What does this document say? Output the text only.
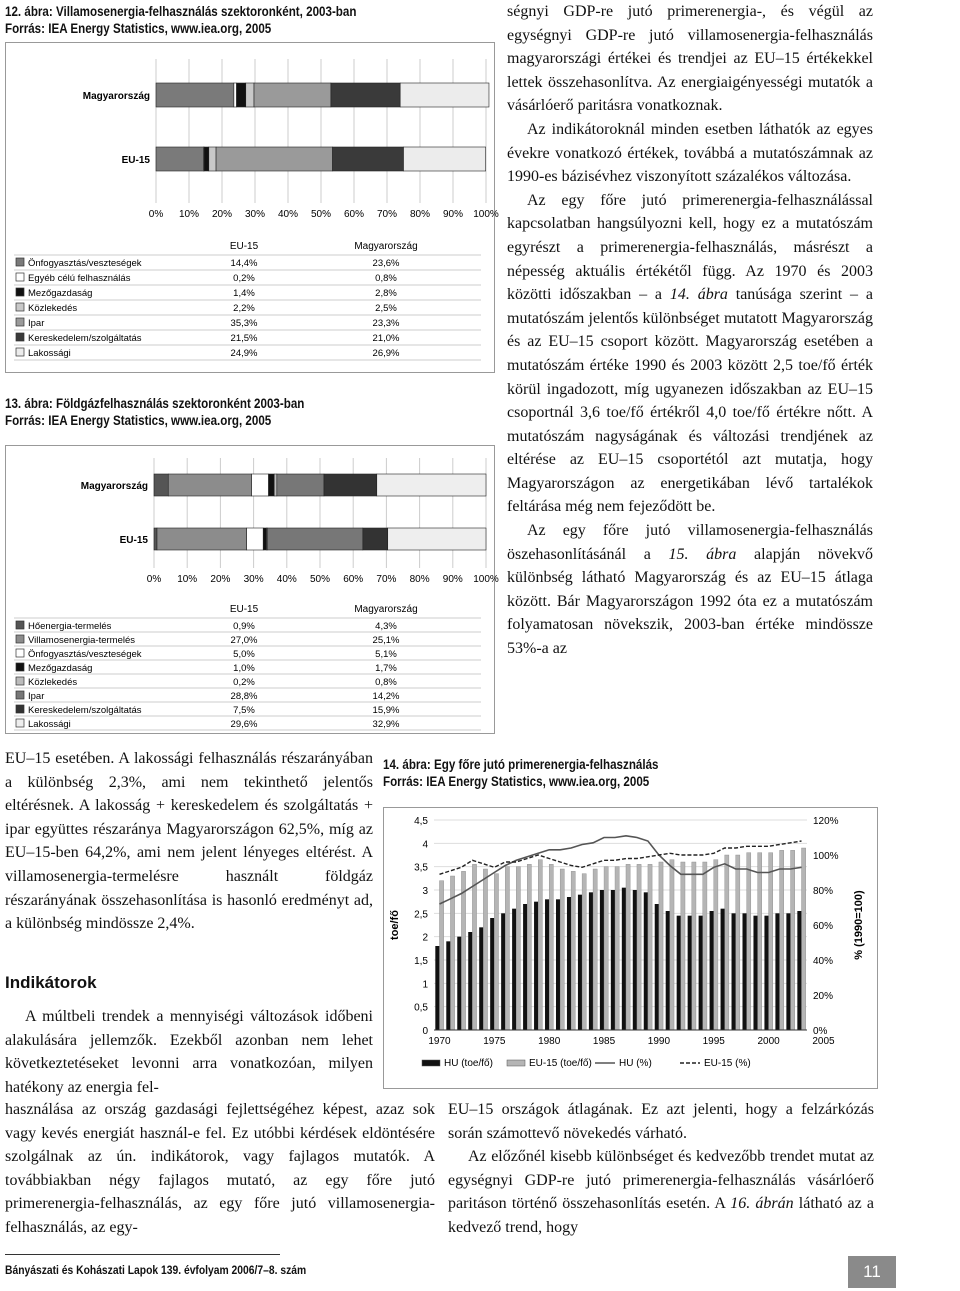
12. ábra: Villamosenergia-felhasználás szektoronként, 2003-ban
Forrás: IEA Energy Statistics, www.iea.org, 2005
0% 10% 20% 30% 40% 50% 60% 70% 80% 90% 100%
Magyarország
EU-15
EU-15	Magyarország
Önfogyasztás/veszteségek	14,4%	23,6%
Egyéb célú felhasználás	0,2%	0,8%
Mezőgazdaság	1,4%	2,8%
Közlekedés	2,2%	2,5%
Ipar	35,3%	23,3%
Kereskedelem/szolgáltatás	21,5%	21,0%
Lakossági	24,9%	26,9%
13. ábra: Földgázfelhasználás szektoronként 2003-ban
Forrás: IEA Energy Statistics, www.iea.org, 2005
0% 10% 20% 30% 40% 50% 60% 70% 80% 90% 100%
Magyarország
EU-15
EU-15	Magyarország
Hőenergia-termelés	0,9%	4,3%
Villamosenergia-termelés	27,0%	25,1%
Önfogyasztás/veszteségek	5,0%	5,1%
Mezőgazdaság	1,0%	1,7%
Közlekedés	0,2%	0,8%
Ipar	28,8%	14,2%
Kereskedelem/szolgáltatás	7,5%	15,9%
Lakossági	29,6%	32,9%

ségnyi GDP-re jutó primerenergia-, és végül az egységnyi GDP-re jutó villamosenergia-felhasználás magyarországi értékei és trendjei az EU–15 értékekkel lettek összehasonlítva. Az energiaigényességi mutatók a vásárlóerő paritásra vonatkoznak.

Az indikátoroknál minden esetben láthatók az egyes évekre vonatkozó értékek, továbbá a mutatószámnak az 1990-es bázisévhez viszonyított százalékos változása.

Az egy főre jutó primerenergia-felhasználással kapcsolatban hangsúlyozni kell, hogy ez a mutatószám egyrészt a primerenergia-felhasználás, másrészt a népesség aktuális értékétől függ. Az 1970 és 2003 közötti időszakban – a 14. ábra tanúsága szerint – a mutatószám jelentős különbséget mutatott Magyarország és az EU–15 csoport között. Magyarország esetében a mutatószám értéke 1990 és 2003 között 2,5 toe/fő érték körül ingadozott, míg ugyanezen időszakban az EU–15 csoportnál 3,6 toe/fő értékről 4,0 toe/fő értékre nőtt. A mutatószám nagyságának és változási trendjének az eltérése az EU–15 csoportétól azt mutatja, hogy Magyarországon az energetikában lévő tartalékok feltárása még nem fejeződött be.

Az egy főre jutó villamosenergia-felhasználás öszehasonlításánál a 15. ábra alapján növekvő különbség látható Magyarország és az EU–15 átlaga között. Bár Magyarországon 1992 óta ez a mutatószám folyamatosan növekszik, 2003-ban értéke mindössze 53%-a az

EU–15 esetében. A lakossági felhasználás részarányában a különbség 2,3%, ami nem tekinthető jelentős eltérésnek. A lakosság + kereskedelem és szolgáltatás + ipar együttes részaránya Magyarországon 62,5%, míg az EU–15-ben 64,2%, ami nem jelent lényeges eltérést. A villamosenergia-termelésre használt földgáz részarányának összehasonlítása is hasonló eredményt ad, a különbség mindössze 2,4%.

Indikátorok

A múltbeli trendek a mennyiségi változások időbeni alakulására jellemzők. Ezekből azonban nem lehet következtetéseket levonni arra vonatkozóan, milyen hatékony az energia fel-

használása az ország gazdasági fejlettségéhez képest, azaz sok vagy kevés energiát használ-e fel. Ez utóbbi kérdések eldöntésére szolgálnak az ún. indikátorok, vagy fajlagos mutatók. A továbbiakban négy fajlagos mutató, az egy főre jutó primerenergia-felhasználás, az egy főre jutó villamosenergia-felhasználás, az egy-

14. ábra: Egy főre jutó primerenergia-felhasználás
Forrás: IEA Energy Statistics, www.iea.org, 2005
0
0,5
1
1,5
2
2,5
3
3,5
4
4,5
0%
20%
40%
60%
80%
100%
120%
toe/fő	% (1990=100)
1970	1975	1980	1985	1990	1995	2000	2005
HU (toe/fő)	EU-15 (toe/fő)	HU (%)	EU-15 (%)

EU–15 országok átlagának. Ez azt jelenti, hogy a felzárkózás során számottevő növekedés várható.

Az előzőnél kisebb különbséget és kedvezőbb trendet mutat az egységnyi GDP-re jutó primerenergia-felhasználás vásárlóerő paritáson történő összehasonlítás esetén. A 16. ábrán látható az a kedvező trend, hogy

Bányászati és Kohászati Lapok 139. évfolyam 2006/7–8. szám	11
